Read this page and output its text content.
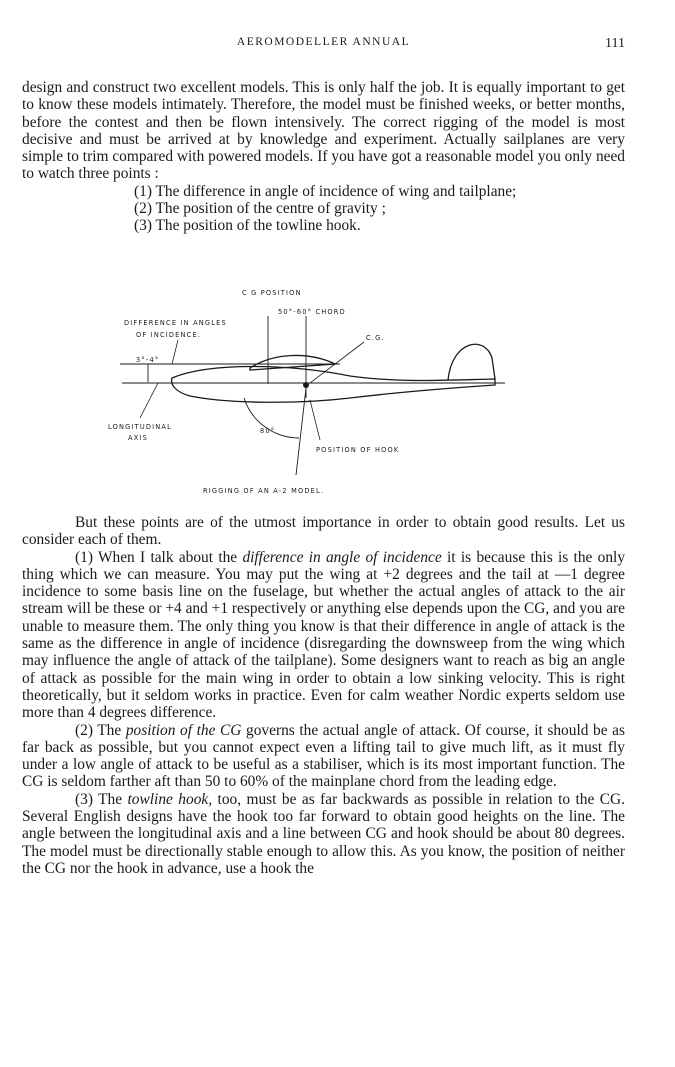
AEROMODELLER ANNUAL	111

design and construct two excellent models. This is only half the job. It is equally important to get to know these models intimately. Therefore, the model must be finished weeks, or better months, before the contest and then be flown intensively. The correct rigging of the model is most decisive and must be arrived at by knowledge and experiment. Actually sailplanes are very simple to trim compared with powered models. If you have got a reasonable model you only need to watch three points :

(1) The difference in angle of incidence of wing and tailplane;
(2) The position of the centre of gravity ;
(3) The position of the towline hook.
C G POSITION
50°-60° CHORD
DIFFERENCE IN ANGLES
OF INCIDENCE.
3°-4°
C.G.
LONGITUDINAL
AXIS
80°
POSITION OF HOOK
RIGGING OF AN A-2 MODEL.

But these points are of the utmost importance in order to obtain good results. Let us consider each of them.

(1) When I talk about the difference in angle of incidence it is because this is the only thing which we can measure. You may put the wing at +2 degrees and the tail at —1 degree incidence to some basis line on the fuselage, but whether the actual angles of attack to the air stream will be these or +4 and +1 respectively or anything else depends upon the CG, and you are unable to measure them. The only thing you know is that their difference in angle of attack is the same as the difference in angle of incidence (disregarding the downsweep from the wing which may influence the angle of attack of the tailplane). Some designers want to reach as big an angle of attack as possible for the main wing in order to obtain a low sinking velocity. This is right theoretically, but it seldom works in practice. Even for calm weather Nordic experts seldom use more than 4 degrees difference.

(2) The position of the CG governs the actual angle of attack. Of course, it should be as far back as possible, but you cannot expect even a lifting tail to give much lift, as it must fly under a low angle of attack to be useful as a stabiliser, which is its most important function. The CG is seldom farther aft than 50 to 60% of the mainplane chord from the leading edge.

(3) The towline hook, too, must be as far backwards as possible in relation to the CG. Several English designs have the hook too far forward to obtain good heights on the line. The angle between the longitudinal axis and a line between CG and hook should be about 80 degrees. The model must be directionally stable enough to allow this. As you know, the position of neither the CG nor the hook in advance, use a hook the
